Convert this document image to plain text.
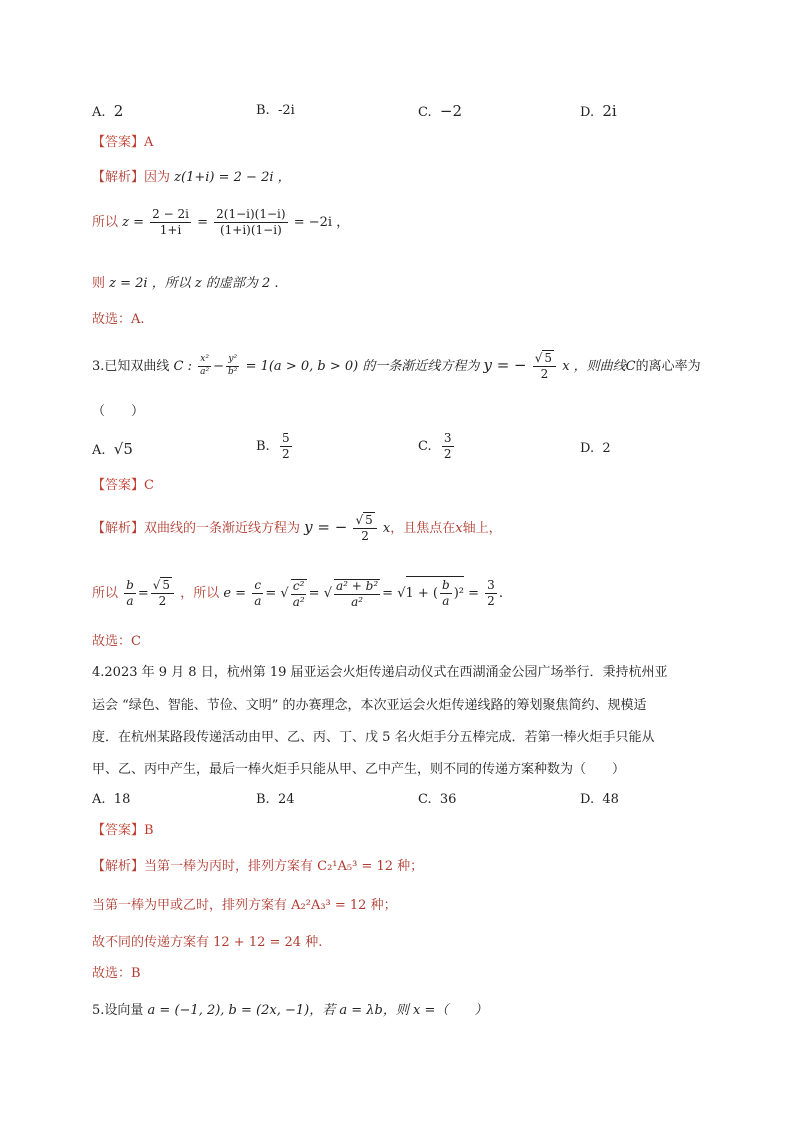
A. 2	B. -2i	C. −2	D. 2i
【答案】A
【解析】因为 z(1+i) = 2 − 2i ，
所以 $z = \frac{2 - 2i}{1+i} = \frac{2(1-i)(1-i)}{(1+i)(1-i)} = -2i$ ，
则 z = 2i ，所以 z 的虚部为 2 .
故选：A.
3.已知双曲线 C : $\frac{\text{x²}}{\text{a²}} - \frac{\text{y²}}{\text{b²}} = 1(a > 0$, b > 0) 的一条渐近线方程为 y = − $\frac{√ 5}{2}$ x ，则曲线C的离心率为
（　　）
A. √5	B. $\frac{5}{2}$	C. $\frac{3}{2}$	D. 2
【答案】C
【解析】双曲线的一条渐近线方程为 y = − $\frac{√ 5}{2}$ x，且焦点在x轴上，
所以 $\frac{b}{a} = \frac{√ 5}{2}$ ，所以 $e = \frac{c}{a}$ = √ $\frac{\text{c²}}{\text{a²}}$ = √ $\frac{\text{a² + b²}}{\text{a²}} = √1$ + ( $\frac{b}{a} )^2 = \frac{3}{2}$ .
故选：C
4.2023 年 9 月 8 日，杭州第 19 届亚运会火炬传递启动仪式在西湖涌金公园广场举行．秉持杭州亚
运会 “绿色、智能、节俭、文明” 的办赛理念，本次亚运会火炬传递线路的筹划聚焦简约、规模适
度．在杭州某路段传递活动由甲、乙、丙、丁、戊 5 名火炬手分五棒完成．若第一棒火炬手只能从
甲、乙、丙中产生，最后一棒火炬手只能从甲、乙中产生，则不同的传递方案种数为（　　）
A. 18	B. 24	C. 36	D. 48
【答案】B
【解析】当第一棒为丙时，排列方案有 C₂¹A₅³ = 12 种；
当第一棒为甲或乙时，排列方案有 A₂²A₃³ = 12 种；
故不同的传递方案有 12 + 12 = 24 种.
故选：B
5.设向量 a = (−1, 2), b = (2x, −1)，若 a = λb，则 x =（　　）
